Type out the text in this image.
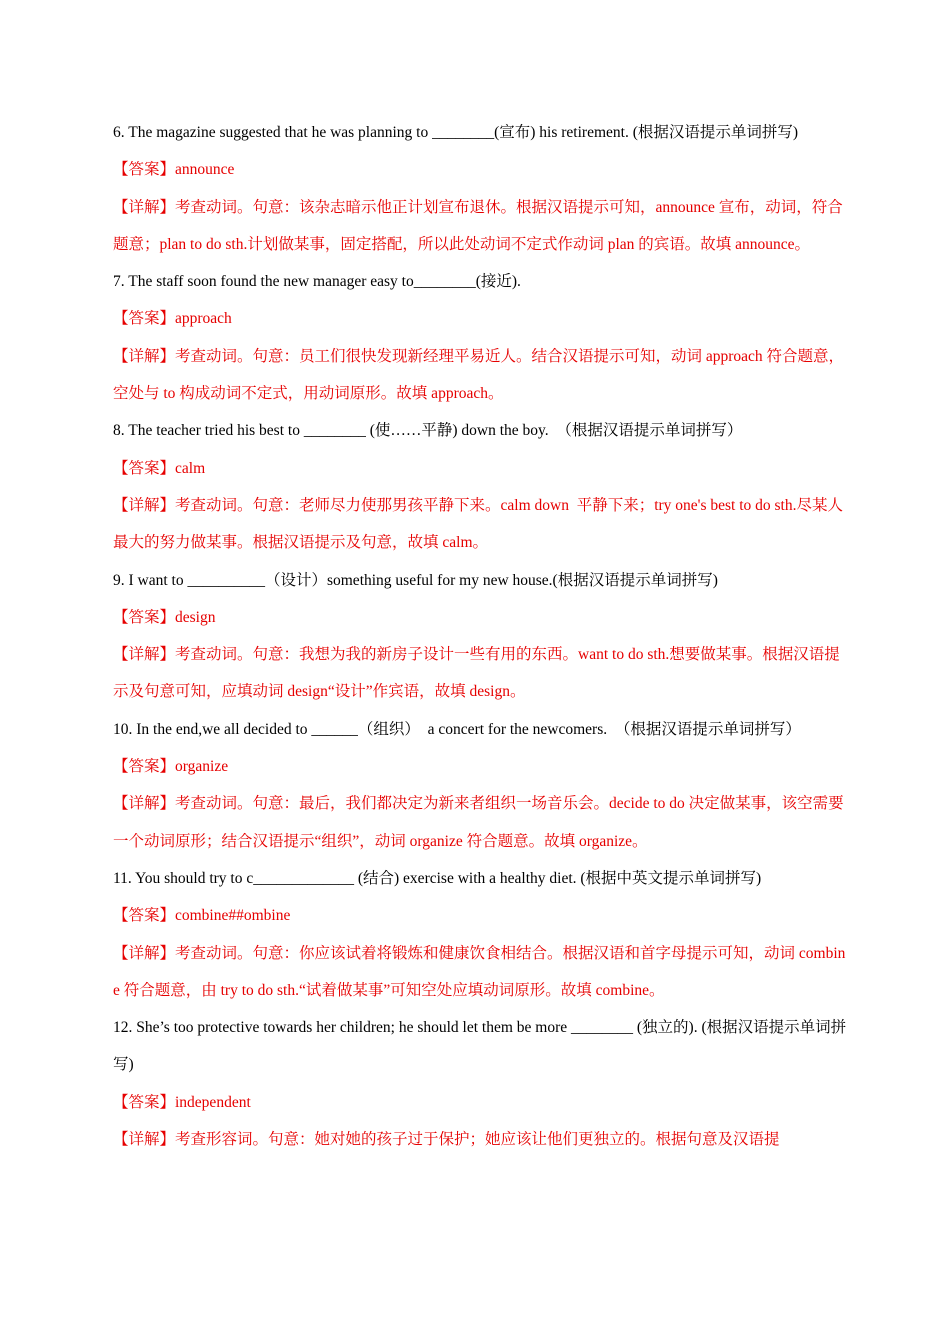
6. The magazine suggested that he was planning to ________(宣布) his retirement. (根据汉语提示单词拼写)
【答案】announce
【详解】考查动词。句意：该杂志暗示他正计划宣布退休。根据汉语提示可知，announce 宣布，动词，符合题意；plan to do sth.计划做某事，固定搭配，所以此处动词不定式作动词 plan 的宾语。故填 announce。
7. The staff soon found the new manager easy to________(接近).
【答案】approach
【详解】考查动词。句意：员工们很快发现新经理平易近人。结合汉语提示可知，动词 approach 符合题意，空处与 to 构成动词不定式，用动词原形。故填 approach。
8. The teacher tried his best to ________ (使……平静) down the boy.  （根据汉语提示单词拼写）
【答案】calm
【详解】考查动词。句意：老师尽力使那男孩平静下来。calm down  平静下来；try one's best to do sth.尽某人最大的努力做某事。根据汉语提示及句意，故填 calm。
9. I want to __________（设计）something useful for my new house.(根据汉语提示单词拼写)
【答案】design
【详解】考查动词。句意：我想为我的新房子设计一些有用的东西。want to do sth.想要做某事。根据汉语提示及句意可知，应填动词 design“设计”作宾语，故填 design。
10. In the end,we all decided to ______（组织）  a concert for the newcomers.  （根据汉语提示单词拼写）
【答案】organize
【详解】考查动词。句意：最后，我们都决定为新来者组织一场音乐会。decide to do 决定做某事，该空需要一个动词原形；结合汉语提示“组织”，动词 organize 符合题意。故填 organize。
11. You should try to c_____________ (结合) exercise with a healthy diet. (根据中英文提示单词拼写)
【答案】combine##ombine
【详解】考查动词。句意：你应该试着将锻炼和健康饮食相结合。根据汉语和首字母提示可知，动词 combine 符合题意，由 try to do sth.“试着做某事”可知空处应填动词原形。故填 combine。
12. She’s too protective towards her children; he should let them be more ________ (独立的). (根据汉语提示单词拼写)
【答案】independent
【详解】考查形容词。句意：她对她的孩子过于保护；她应该让他们更独立的。根据句意及汉语提
